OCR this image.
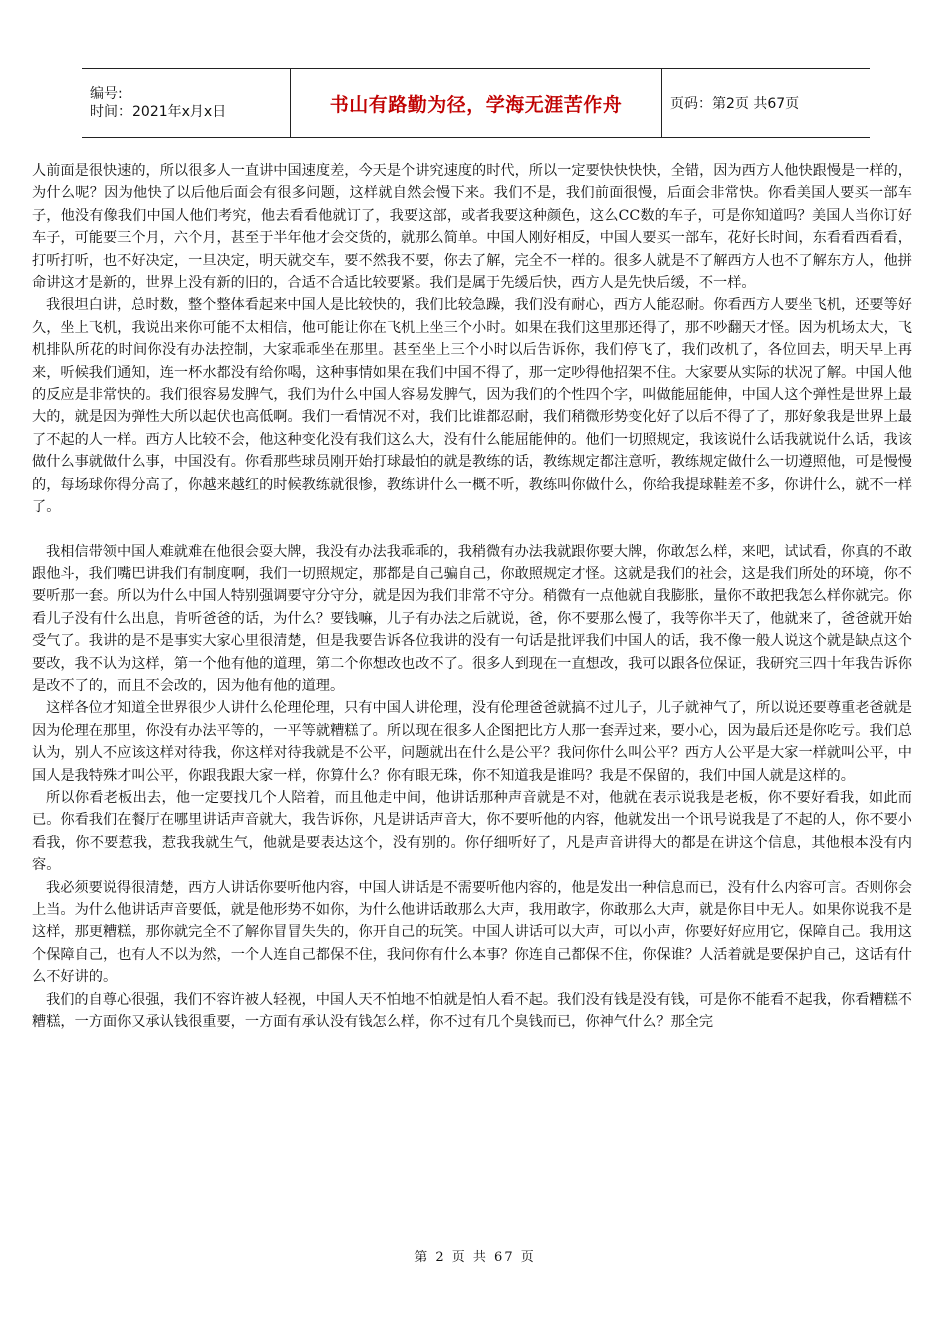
编号:
时间：2021年x月x日	书山有路勤为径，学海无涯苦作舟	页码：第2页 共67页

人前面是很快速的，所以很多人一直讲中国速度差，今天是个讲究速度的时代，所以一定要快快快快，全错，因为西方人他快跟慢是一样的，为什么呢？因为他快了以后他后面会有很多问题，这样就自然会慢下来。我们不是，我们前面很慢，后面会非常快。你看美国人要买一部车子，他没有像我们中国人他们考究，他去看看他就订了，我要这部，或者我要这种颜色，这么CC数的车子，可是你知道吗？美国人当你订好车子，可能要三个月，六个月，甚至于半年他才会交货的，就那么简单。中国人刚好相反，中国人要买一部车，花好长时间，东看看西看看，打听打听，也不好决定，一旦决定，明天就交车，要不然我不要，你去了解，完全不一样的。很多人就是不了解西方人也不了解东方人，他拼命讲这才是新的，世界上没有新的旧的，合适不合适比较要紧。我们是属于先缓后快，西方人是先快后缓，不一样。

我很坦白讲，总时数，整个整体看起来中国人是比较快的，我们比较急躁，我们没有耐心，西方人能忍耐。你看西方人要坐飞机，还要等好久，坐上飞机，我说出来你可能不太相信，他可能让你在飞机上坐三个小时。如果在我们这里那还得了，那不吵翻天才怪。因为机场太大，飞机排队所花的时间你没有办法控制，大家乖乖坐在那里。甚至坐上三个小时以后告诉你，我们停飞了，我们改机了，各位回去，明天早上再来，听候我们通知，连一杯水都没有给你喝，这种事情如果在我们中国不得了，那一定吵得他招架不住。大家要从实际的状况了解。中国人他的反应是非常快的。我们很容易发脾气，我们为什么中国人容易发脾气，因为我们的个性四个字，叫做能屈能伸，中国人这个弹性是世界上最大的，就是因为弹性大所以起伏也高低啊。我们一看情况不对，我们比谁都忍耐，我们稍微形势变化好了以后不得了了，那好象我是世界上最了不起的人一样。西方人比较不会，他这种变化没有我们这么大，没有什么能屈能伸的。他们一切照规定，我该说什么话我就说什么话，我该做什么事就做什么事，中国没有。你看那些球员刚开始打球最怕的就是教练的话，教练规定都注意听，教练规定做什么一切遵照他，可是慢慢的，每场球你得分高了，你越来越红的时候教练就很惨，教练讲什么一概不听，教练叫你做什么，你给我提球鞋差不多，你讲什么，就不一样了。

我相信带领中国人难就难在他很会耍大牌，我没有办法我乖乖的，我稍微有办法我就跟你要大牌，你敢怎么样，来吧，试试看，你真的不敢跟他斗，我们嘴巴讲我们有制度啊，我们一切照规定，那都是自己骗自己，你敢照规定才怪。这就是我们的社会，这是我们所处的环境，你不要听那一套。所以为什么中国人特别强调要守分守分，就是因为我们非常不守分。稍微有一点他就自我膨胀，量你不敢把我怎么样你就完。你看儿子没有什么出息，肯听爸爸的话，为什么？要钱嘛，儿子有办法之后就说，爸，你不要那么慢了，我等你半天了，他就来了，爸爸就开始受气了。我讲的是不是事实大家心里很清楚，但是我要告诉各位我讲的没有一句话是批评我们中国人的话，我不像一般人说这个就是缺点这个要改，我不认为这样，第一个他有他的道理，第二个你想改也改不了。很多人到现在一直想改，我可以跟各位保证，我研究三四十年我告诉你是改不了的，而且不会改的，因为他有他的道理。

这样各位才知道全世界很少人讲什么伦理伦理，只有中国人讲伦理，没有伦理爸爸就搞不过儿子，儿子就神气了，所以说还要尊重老爸就是因为伦理在那里，你没有办法平等的，一平等就糟糕了。所以现在很多人企图把比方人那一套弄过来，要小心，因为最后还是你吃亏。我们总认为，别人不应该这样对待我，你这样对待我就是不公平，问题就出在什么是公平？我问你什么叫公平？西方人公平是大家一样就叫公平，中国人是我特殊才叫公平，你跟我跟大家一样，你算什么？你有眼无珠，你不知道我是谁吗？我是不保留的，我们中国人就是这样的。

所以你看老板出去，他一定要找几个人陪着，而且他走中间，他讲话那种声音就是不对，他就在表示说我是老板，你不要好看我，如此而已。你看我们在餐厅在哪里讲话声音就大，我告诉你，凡是讲话声音大，你不要听他的内容，他就发出一个讯号说我是了不起的人，你不要小看我，你不要惹我，惹我我就生气，他就是要表达这个，没有别的。你仔细听好了，凡是声音讲得大的都是在讲这个信息，其他根本没有内容。

我必须要说得很清楚，西方人讲话你要听他内容，中国人讲话是不需要听他内容的，他是发出一种信息而已，没有什么内容可言。否则你会上当。为什么他讲话声音要低，就是他形势不如你，为什么他讲话敢那么大声，我用敢字，你敢那么大声，就是你目中无人。如果你说我不是这样，那更糟糕，那你就完全不了解你冒冒失失的，你开自己的玩笑。中国人讲话可以大声，可以小声，你要好好应用它，保障自己。我用这个保障自己，也有人不以为然，一个人连自己都保不住，我问你有什么本事？你连自己都保不住，你保谁？人活着就是要保护自己，这话有什么不好讲的。

我们的自尊心很强，我们不容许被人轻视，中国人天不怕地不怕就是怕人看不起。我们没有钱是没有钱，可是你不能看不起我，你看糟糕不糟糕，一方面你又承认钱很重要，一方面有承认没有钱怎么样，你不过有几个臭钱而已，你神气什么？那全完

第 2 页 共 67 页
